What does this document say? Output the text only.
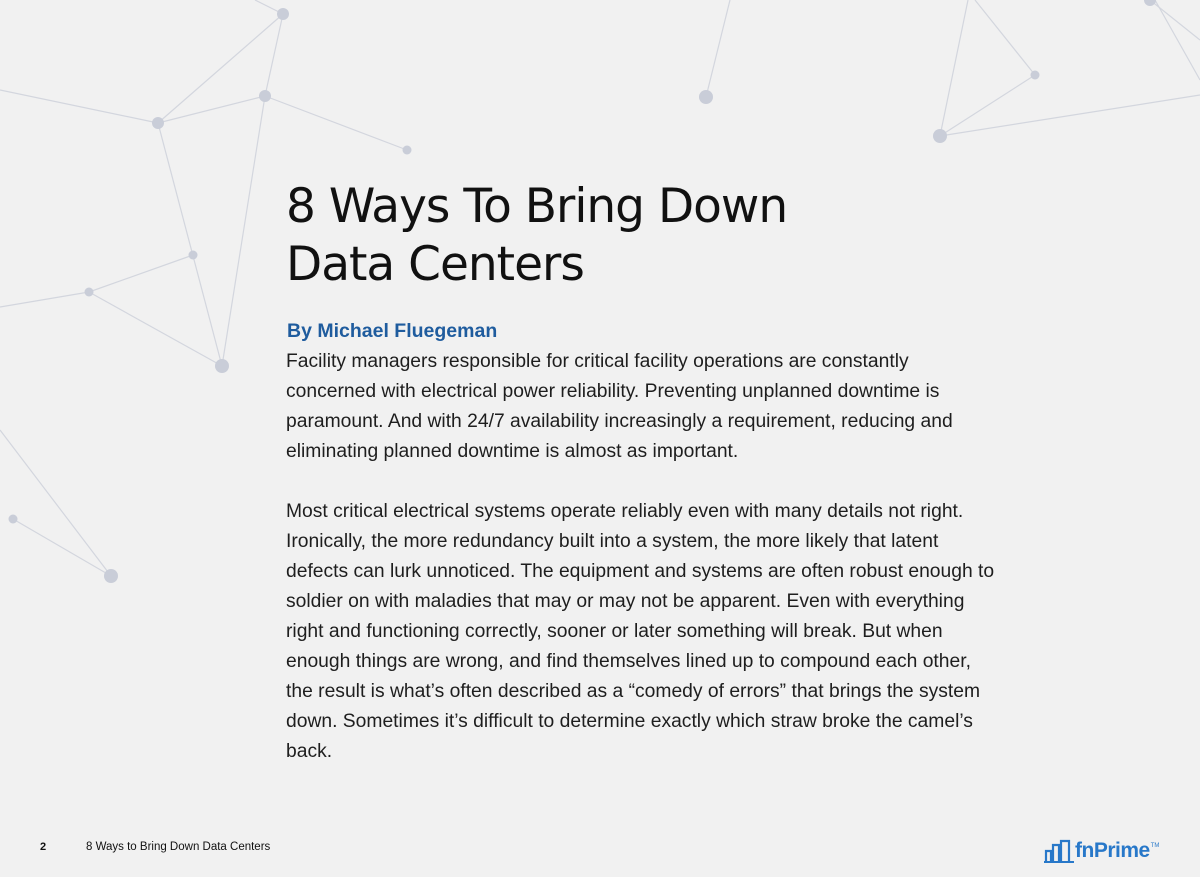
8 Ways To Bring Down
Data Centers

By Michael Fluegeman

Facility managers responsible for critical facility operations are constantly concerned with electrical power reliability. Preventing unplanned downtime is paramount. And with 24/7 availability increasingly a requirement, reducing and eliminating planned downtime is almost as important.

Most critical electrical systems operate reliably even with many details not right. Ironically, the more redundancy built into a system, the more likely that latent defects can lurk unnoticed. The equipment and systems are often robust enough to soldier on with maladies that may or may not be apparent. Even with everything right and functioning correctly, sooner or later something will break. But when enough things are wrong, and find themselves lined up to compound each other, the result is what’s often described as a “comedy of errors” that brings the system down. Sometimes it’s difficult to determine exactly which straw broke the camel’s back.

2	8 Ways to Bring Down Data Centers	fnPrime TM
